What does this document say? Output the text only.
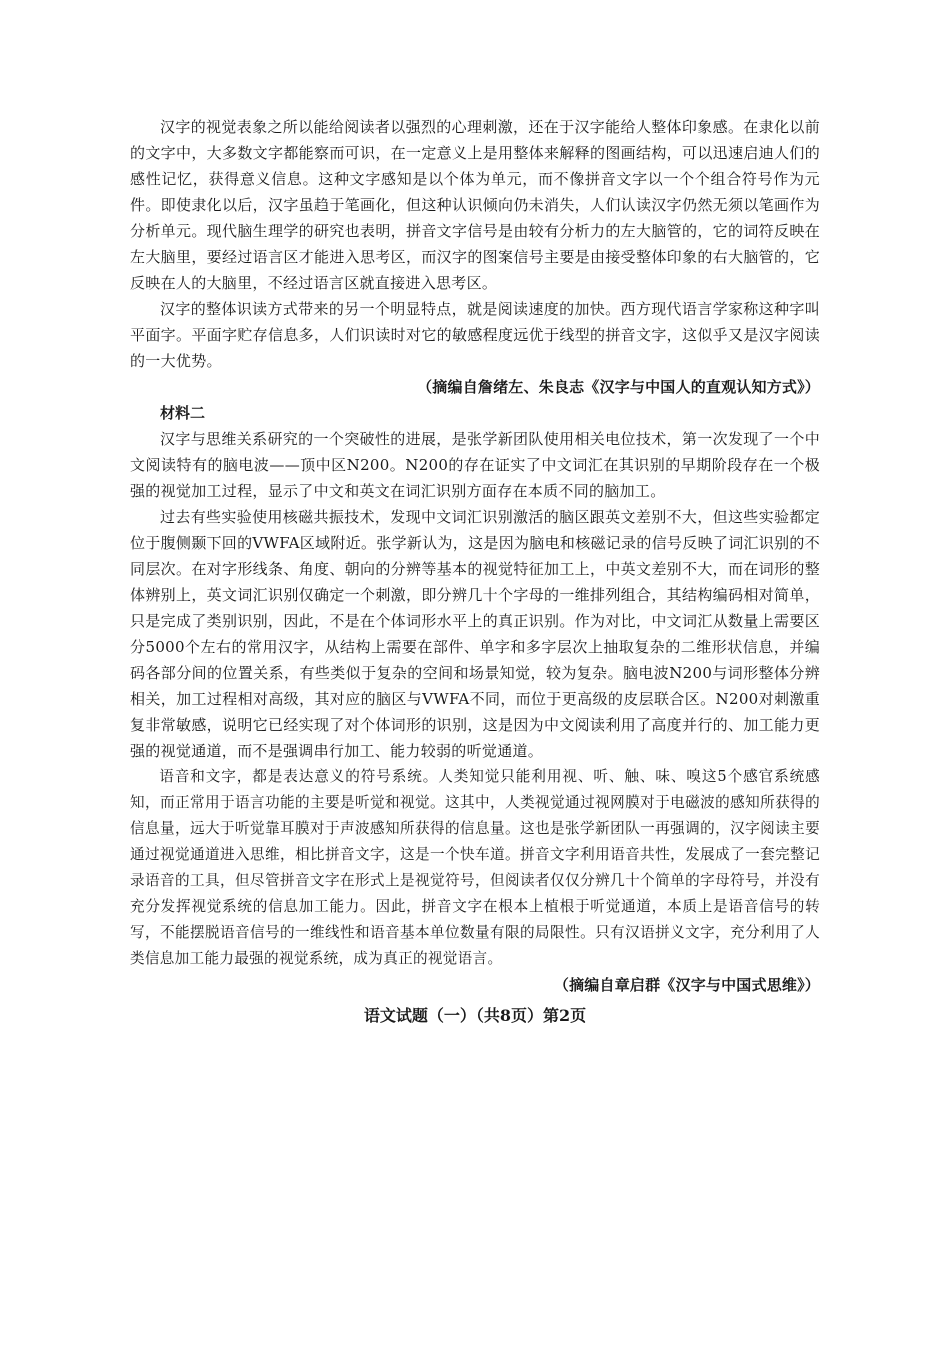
汉字的视觉表象之所以能给阅读者以强烈的心理刺激，还在于汉字能给人整体印象感。在隶化以前的文字中，大多数文字都能察而可识，在一定意义上是用整体来解释的图画结构，可以迅速启迪人们的感性记忆，获得意义信息。这种文字感知是以个体为单元，而不像拼音文字以一个个组合符号作为元件。即使隶化以后，汉字虽趋于笔画化，但这种认识倾向仍未消失，人们认读汉字仍然无须以笔画作为分析单元。现代脑生理学的研究也表明，拼音文字信号是由较有分析力的左大脑管的，它的词符反映在左大脑里，要经过语言区才能进入思考区，而汉字的图案信号主要是由接受整体印象的右大脑管的，它反映在人的大脑里，不经过语言区就直接进入思考区。

汉字的整体识读方式带来的另一个明显特点，就是阅读速度的加快。西方现代语言学家称这种字叫平面字。平面字贮存信息多，人们识读时对它的敏感程度远优于线型的拼音文字，这似乎又是汉字阅读的一大优势。

（摘编自詹绪左、朱良志《汉字与中国人的直观认知方式》）

材料二

汉字与思维关系研究的一个突破性的进展，是张学新团队使用相关电位技术，第一次发现了一个中文阅读特有的脑电波——顶中区N200。N200的存在证实了中文词汇在其识别的早期阶段存在一个极强的视觉加工过程，显示了中文和英文在词汇识别方面存在本质不同的脑加工。

过去有些实验使用核磁共振技术，发现中文词汇识别激活的脑区跟英文差别不大，但这些实验都定位于腹侧颞下回的VWFA区域附近。张学新认为，这是因为脑电和核磁记录的信号反映了词汇识别的不同层次。在对字形线条、角度、朝向的分辨等基本的视觉特征加工上，中英文差别不大，而在词形的整体辨别上，英文词汇识别仅确定一个刺激，即分辨几十个字母的一维排列组合，其结构编码相对简单，只是完成了类别识别，因此，不是在个体词形水平上的真正识别。作为对比，中文词汇从数量上需要区分5000个左右的常用汉字，从结构上需要在部件、单字和多字层次上抽取复杂的二维形状信息，并编码各部分间的位置关系，有些类似于复杂的空间和场景知觉，较为复杂。脑电波N200与词形整体分辨相关，加工过程相对高级，其对应的脑区与VWFA不同，而位于更高级的皮层联合区。N200对刺激重复非常敏感，说明它已经实现了对个体词形的识别，这是因为中文阅读利用了高度并行的、加工能力更强的视觉通道，而不是强调串行加工、能力较弱的听觉通道。

语音和文字，都是表达意义的符号系统。人类知觉只能利用视、听、触、味、嗅这5个感官系统感知，而正常用于语言功能的主要是听觉和视觉。这其中，人类视觉通过视网膜对于电磁波的感知所获得的信息量，远大于听觉靠耳膜对于声波感知所获得的信息量。这也是张学新团队一再强调的，汉字阅读主要通过视觉通道进入思维，相比拼音文字，这是一个快车道。拼音文字利用语音共性，发展成了一套完整记录语音的工具，但尽管拼音文字在形式上是视觉符号，但阅读者仅仅分辨几十个简单的字母符号，并没有充分发挥视觉系统的信息加工能力。因此，拼音文字在根本上植根于听觉通道，本质上是语音信号的转写，不能摆脱语音信号的一维线性和语音基本单位数量有限的局限性。只有汉语拼义文字，充分利用了人类信息加工能力最强的视觉系统，成为真正的视觉语言。

（摘编自章启群《汉字与中国式思维》）

语文试题（一）（共8页）第2页
